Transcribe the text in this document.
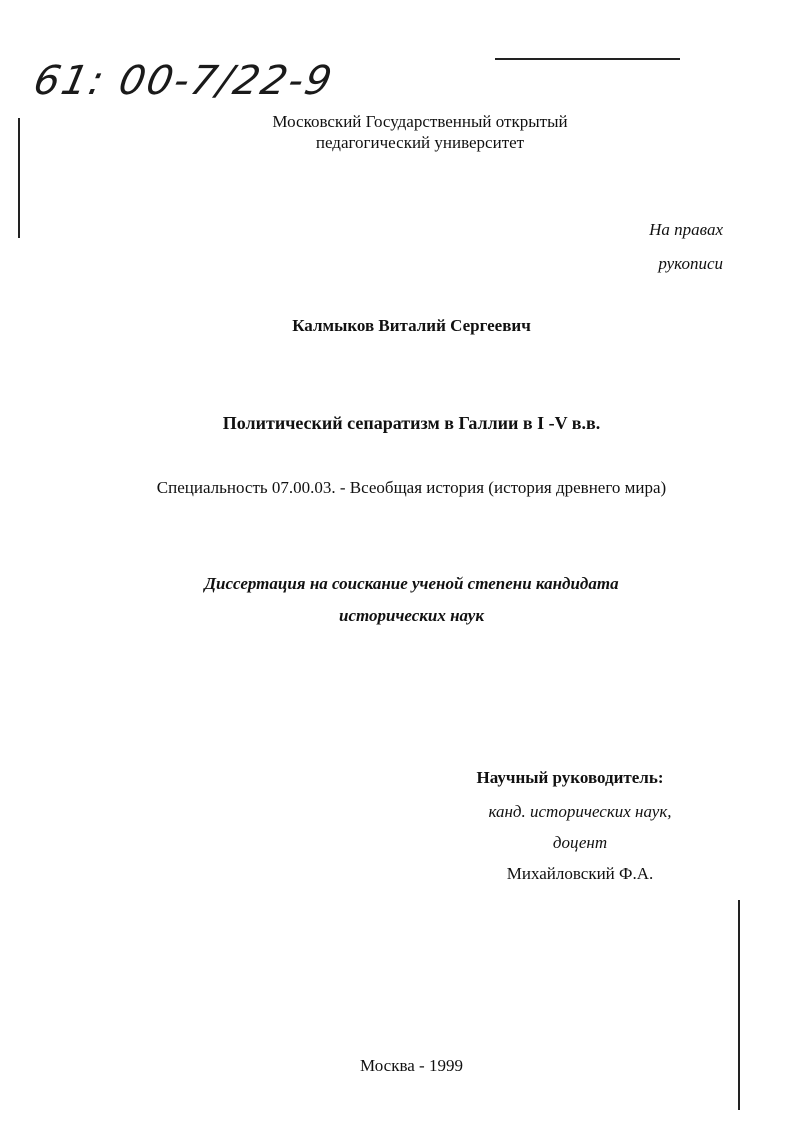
61: 00-7/22-9
Московский Государственный открытый
педагогический университет
На правах
рукописи
Калмыков Виталий Сергеевич
Политический сепаратизм в Галлии в I -V в.в.
Специальность 07.00.03. - Всеобщая история (история древнего мира)
Диссертация на соискание ученой степени кандидата
исторических наук
Научный руководитель:
канд. исторических наук,
доцент
Михайловский Ф.А.
Москва - 1999
